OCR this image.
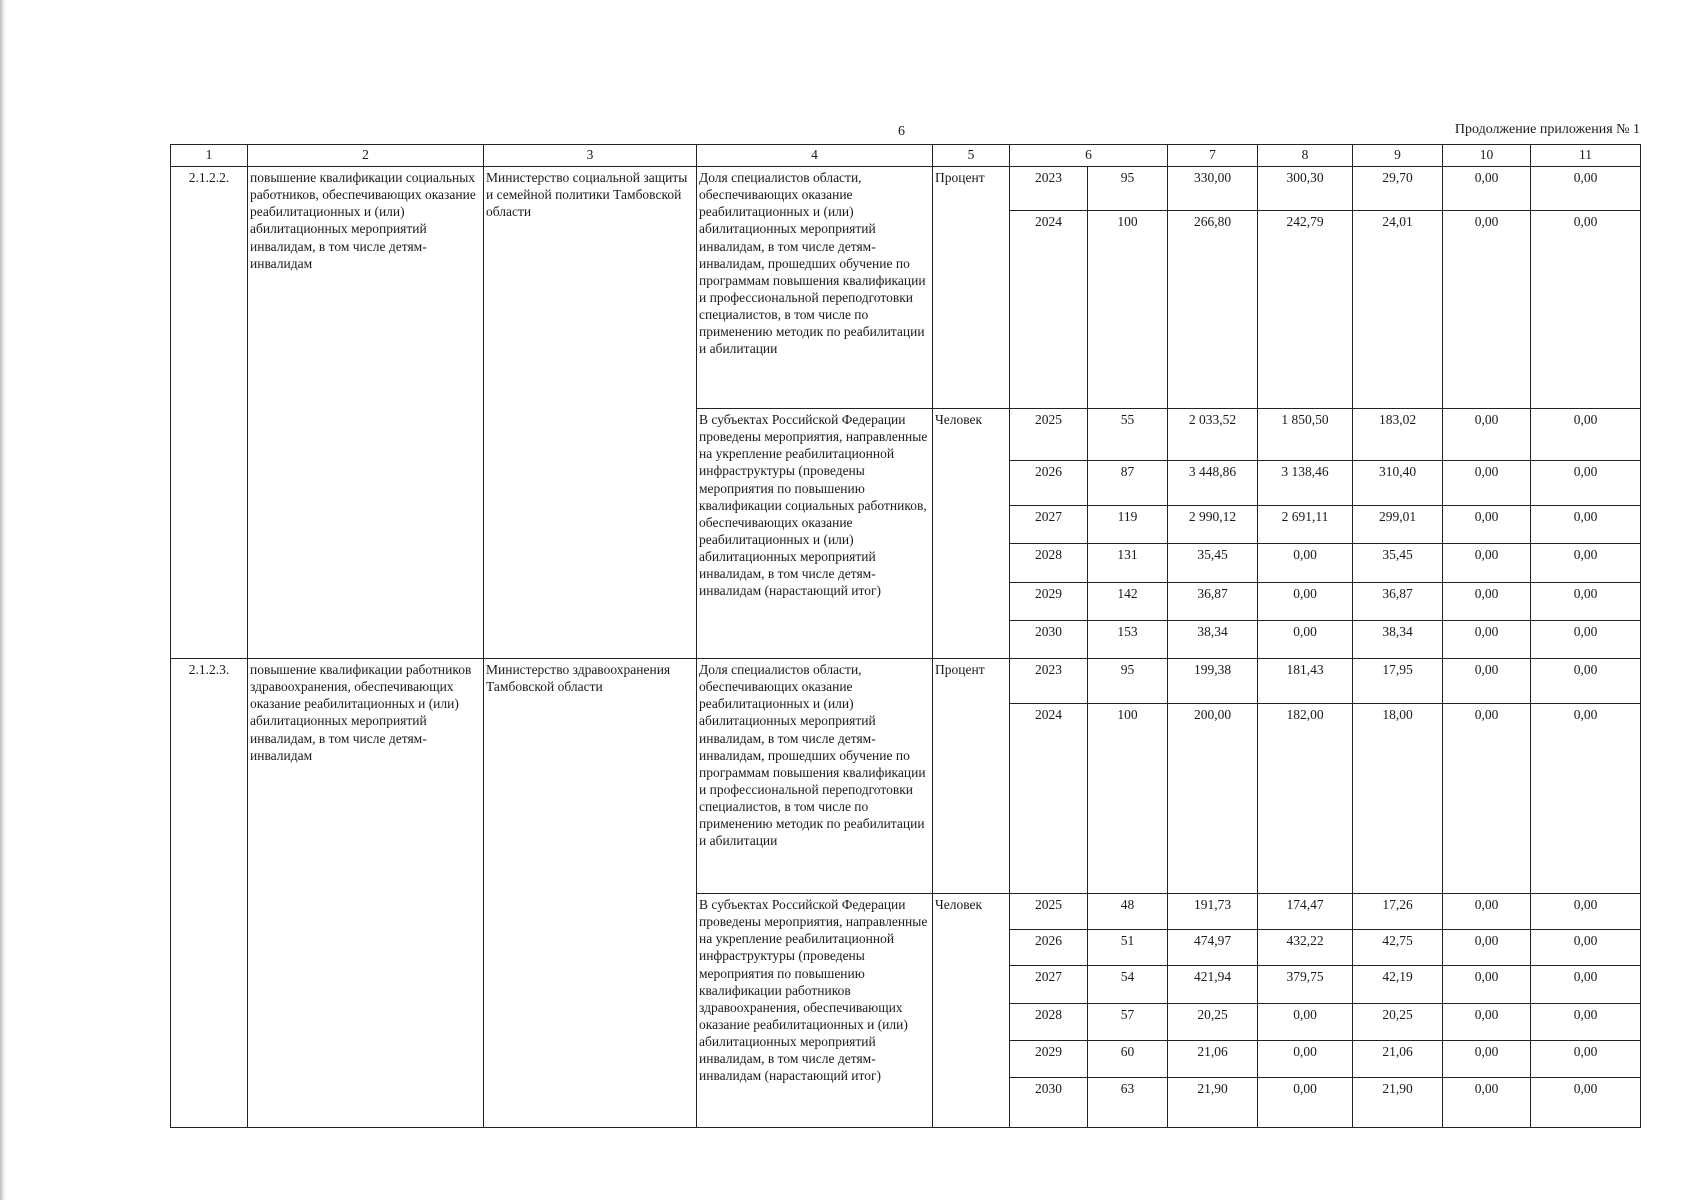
6	Продолжение приложения № 1
1	2	3	4	5	6		7	8	9	10	11
2.1.2.2.	повышение квалификации социальных работников, обеспечивающих оказание реабилитационных и (или) абилитационных мероприятий инвалидам, в том числе детям-инвалидам	Министерство социальной защиты и семейной политики Тамбовской области	Доля специалистов области, обеспечивающих оказание реабилитационных и (или) абилитационных мероприятий инвалидам, в том числе детям-инвалидам, прошедших обучение по программам повышения квалификации и профессиональной переподготовки специалистов, в том числе по применению методик по реабилитации и абилитации	Процент	2023	95	330,00	300,30	29,70	0,00	0,00
					2024	100	266,80	242,79	24,01	0,00	0,00
			В субъектах Российской Федерации проведены мероприятия, направленные на укрепление реабилитационной инфраструктуры (проведены мероприятия по повышению квалификации социальных работников, обеспечивающих оказание реабилитационных и (или) абилитационных мероприятий инвалидам, в том числе детям-инвалидам (нарастающий итог)	Человек	2025	55	2 033,52	1 850,50	183,02	0,00	0,00
					2026	87	3 448,86	3 138,46	310,40	0,00	0,00
					2027	119	2 990,12	2 691,11	299,01	0,00	0,00
					2028	131	35,45	0,00	35,45	0,00	0,00
					2029	142	36,87	0,00	36,87	0,00	0,00
					2030	153	38,34	0,00	38,34	0,00	0,00
2.1.2.3.	повышение квалификации работников здравоохранения, обеспечивающих оказание реабилитационных и (или) абилитационных мероприятий инвалидам, в том числе детям-инвалидам	Министерство здравоохранения Тамбовской области	Доля специалистов области, обеспечивающих оказание реабилитационных и (или) абилитационных мероприятий инвалидам, в том числе детям-инвалидам, прошедших обучение по программам повышения квалификации и профессиональной переподготовки специалистов, в том числе по применению методик по реабилитации и абилитации	Процент	2023	95	199,38	181,43	17,95	0,00	0,00
					2024	100	200,00	182,00	18,00	0,00	0,00
			В субъектах Российской Федерации проведены мероприятия, направленные на укрепление реабилитационной инфраструктуры (проведены мероприятия по повышению квалификации работников здравоохранения, обеспечивающих оказание реабилитационных и (или) абилитационных мероприятий инвалидам, в том числе детям-инвалидам (нарастающий итог)	Человек	2025	48	191,73	174,47	17,26	0,00	0,00
					2026	51	474,97	432,22	42,75	0,00	0,00
					2027	54	421,94	379,75	42,19	0,00	0,00
					2028	57	20,25	0,00	20,25	0,00	0,00
					2029	60	21,06	0,00	21,06	0,00	0,00
					2030	63	21,90	0,00	21,90	0,00	0,00
